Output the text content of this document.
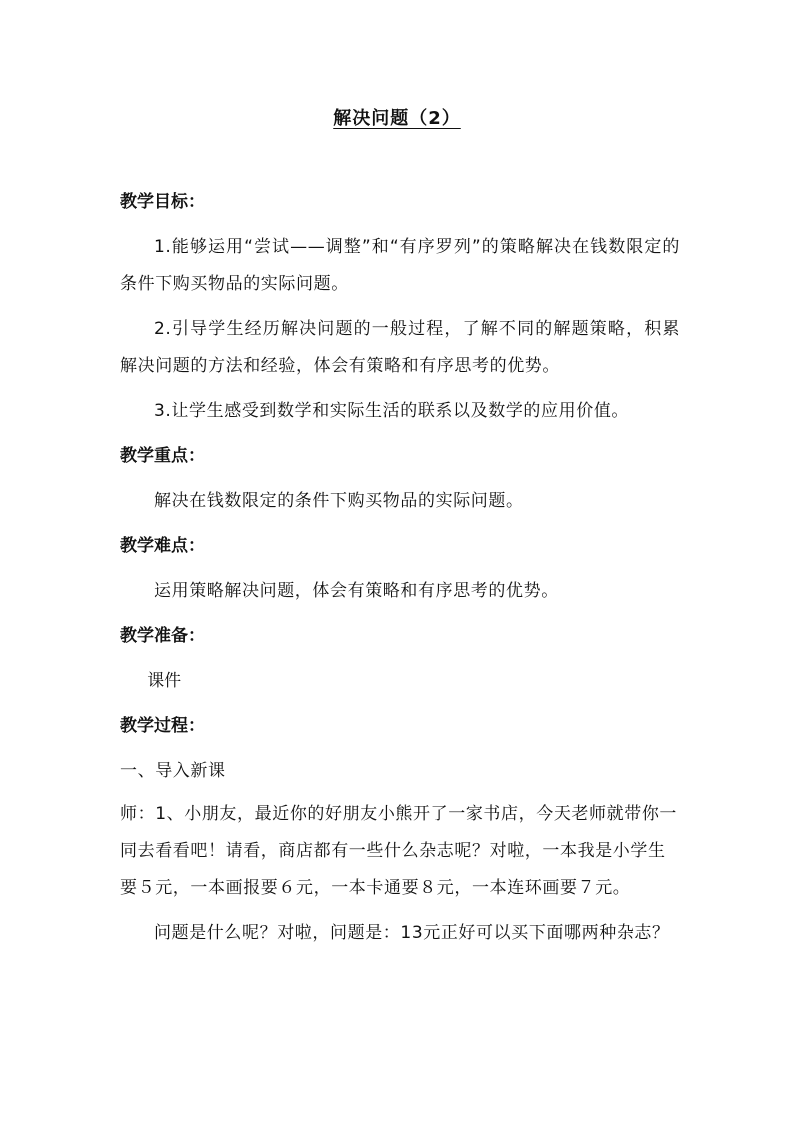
解决问题（2）
教学目标：
1.能够运用“尝试——调整”和“有序罗列”的策略解决在钱数限定的条件下购买物品的实际问题。
2.引导学生经历解决问题的一般过程，了解不同的解题策略，积累解决问题的方法和经验，体会有策略和有序思考的优势。
3.让学生感受到数学和实际生活的联系以及数学的应用价值。
教学重点：
解决在钱数限定的条件下购买物品的实际问题。
教学难点：
运用策略解决问题，体会有策略和有序思考的优势。
教学准备：
课件
教学过程：
一、导入新课
师：1、小朋友，最近你的好朋友小熊开了一家书店，今天老师就带你一同去看看吧！请看，商店都有一些什么杂志呢？对啦，一本我是小学生要５元，一本画报要６元，一本卡通要８元，一本连环画要７元。
问题是什么呢？对啦，问题是：13元正好可以买下面哪两种杂志？
